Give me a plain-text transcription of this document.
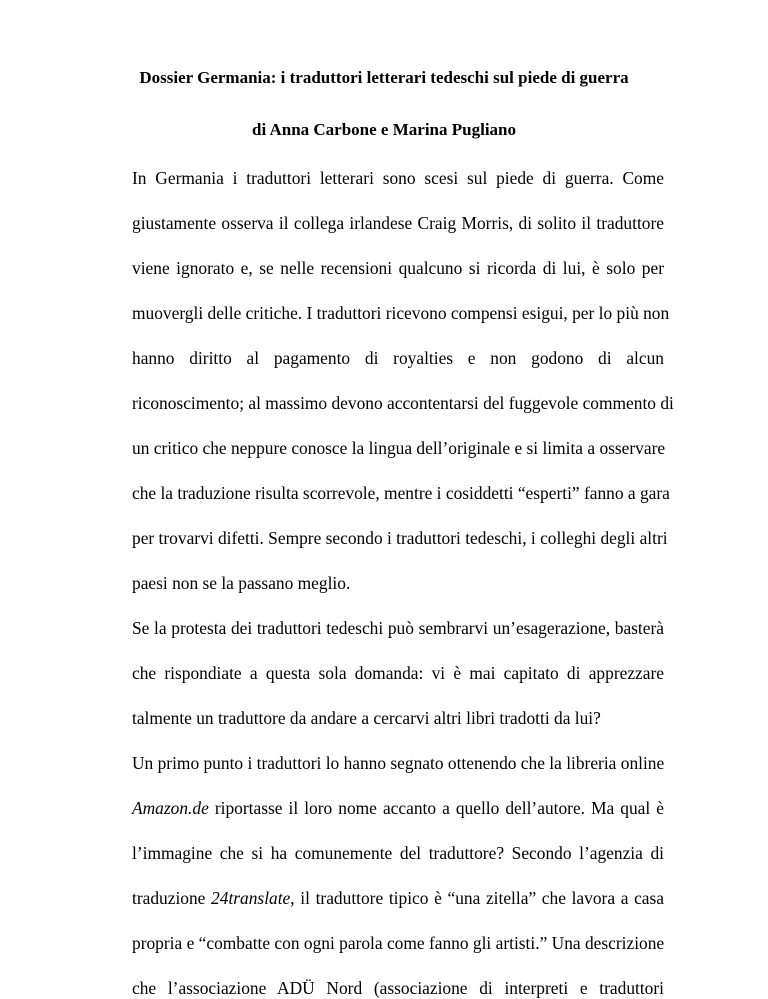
Dossier Germania: i traduttori letterari tedeschi sul piede di guerra
di Anna Carbone e Marina Pugliano

In Germania i traduttori letterari sono scesi sul piede di guerra. Come

giustamente osserva il collega irlandese Craig Morris, di solito il traduttore

viene ignorato e, se nelle recensioni qualcuno si ricorda di lui, è solo per

muovergli delle critiche. I traduttori ricevono compensi esigui, per lo più non

hanno diritto al pagamento di royalties e non godono di alcun

riconoscimento; al massimo devono accontentarsi del fuggevole commento di

un critico che neppure conosce la lingua dell’originale e si limita a osservare

che la traduzione risulta scorrevole, mentre i cosiddetti “esperti” fanno a gara

per trovarvi difetti. Sempre secondo i traduttori tedeschi, i colleghi degli altri

paesi non se la passano meglio.

Se la protesta dei traduttori tedeschi può sembrarvi un’esagerazione, basterà

che rispondiate a questa sola domanda: vi è mai capitato di apprezzare

talmente un traduttore da andare a cercarvi altri libri tradotti da lui?

Un primo punto i traduttori lo hanno segnato ottenendo che la libreria online

Amazon.de riportasse il loro nome accanto a quello dell’autore. Ma qual è

l’immagine che si ha comunemente del traduttore? Secondo l’agenzia di

traduzione 24translate, il traduttore tipico è “una zitella” che lavora a casa

propria e “combatte con ogni parola come fanno gli artisti.” Una descrizione

che l’associazione ADÜ Nord (associazione di interpreti e traduttori
